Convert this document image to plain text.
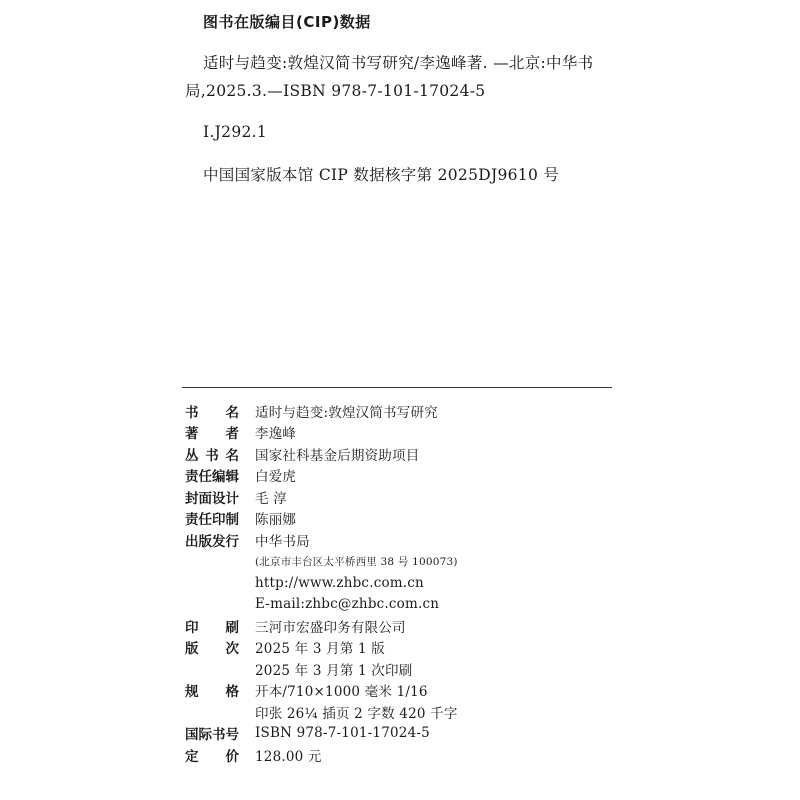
图书在版编目(CIP)数据
适时与趋变:敦煌汉简书写研究/李逸峰著. —北京:中华书
局,2025.3.—ISBN 978-7-101-17024-5
Ⅰ.J292.1
中国国家版本馆 CIP 数据核字第 2025DJ9610 号
书 名 适时与趋变:敦煌汉简书写研究
著 者 李逸峰
丛 书 名 国家社科基金后期资助项目
责任编辑 白爱虎
封面设计 毛 淳
责任印制 陈丽娜
出版发行 中华书局
(北京市丰台区太平桥西里 38 号 100073)
http://www.zhbc.com.cn
E-mail:zhbc@zhbc.com.cn
印 刷 三河市宏盛印务有限公司
版 次 2025 年 3 月第 1 版
2025 年 3 月第 1 次印刷
规 格 开本/710×1000 毫米 1/16
印张 26¼ 插页 2 字数 420 千字
国际书号 ISBN 978-7-101-17024-5
定 价 128.00 元
